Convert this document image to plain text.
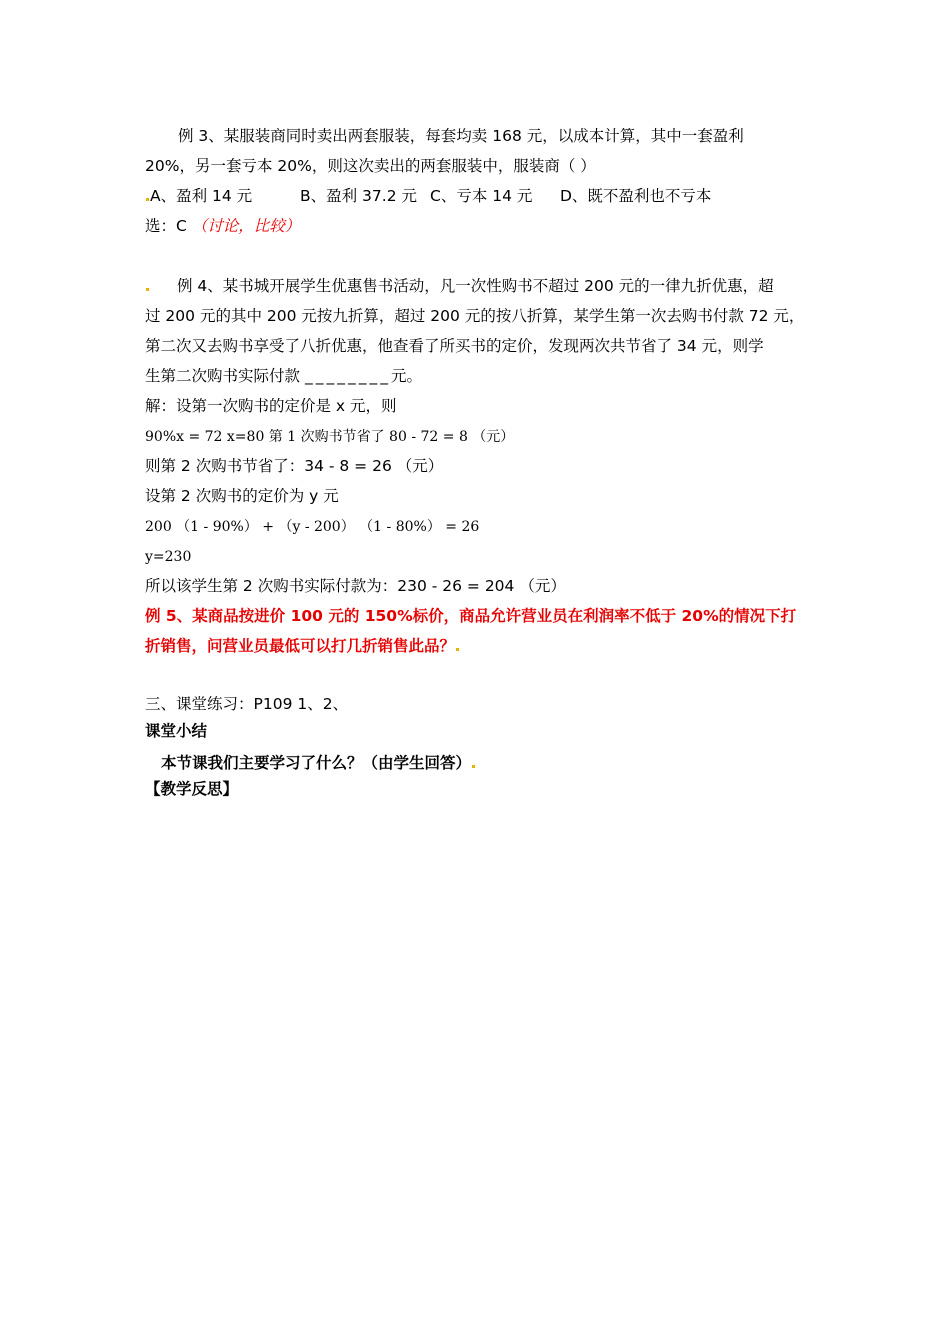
例 3、某服装商同时卖出两套服装，每套均卖 168 元，以成本计算，其中一套盈利
20%，另一套亏本 20%，则这次卖出的两套服装中，服装商（ ）
A、盈利 14 元	B、盈利 37.2 元 C、亏本 14 元 D、既不盈利也不亏本
选：C （讨论，比较）
例 4、某书城开展学生优惠售书活动，凡一次性购书不超过 200 元的一律九折优惠，超
过 200 元的其中 200 元按九折算，超过 200 元的按八折算，某学生第一次去购书付款 72 元，
第二次又去购书享受了八折优惠，他查看了所买书的定价，发现两次共节省了 34 元，则学
生第二次购书实际付款 ________元。
解：设第一次购书的定价是 x 元，则
90%x = 72 x=80 第 1 次购书节省了 80 - 72 = 8 （元）
则第 2 次购书节省了：34 - 8 = 26 （元）
设第 2 次购书的定价为 y 元
200 （1 - 90%） + （y - 200） （1 - 80%） = 26
y=230
所以该学生第 2 次购书实际付款为：230 - 26 = 204 （元）
例 5、某商品按进价 100 元的 150%标价，商品允许营业员在利润率不低于 20%的情况下打
折销售，问营业员最低可以打几折销售此品？
三、课堂练习：P109 1、2、
课堂小结
本节课我们主要学习了什么？（由学生回答）
【教学反思】
